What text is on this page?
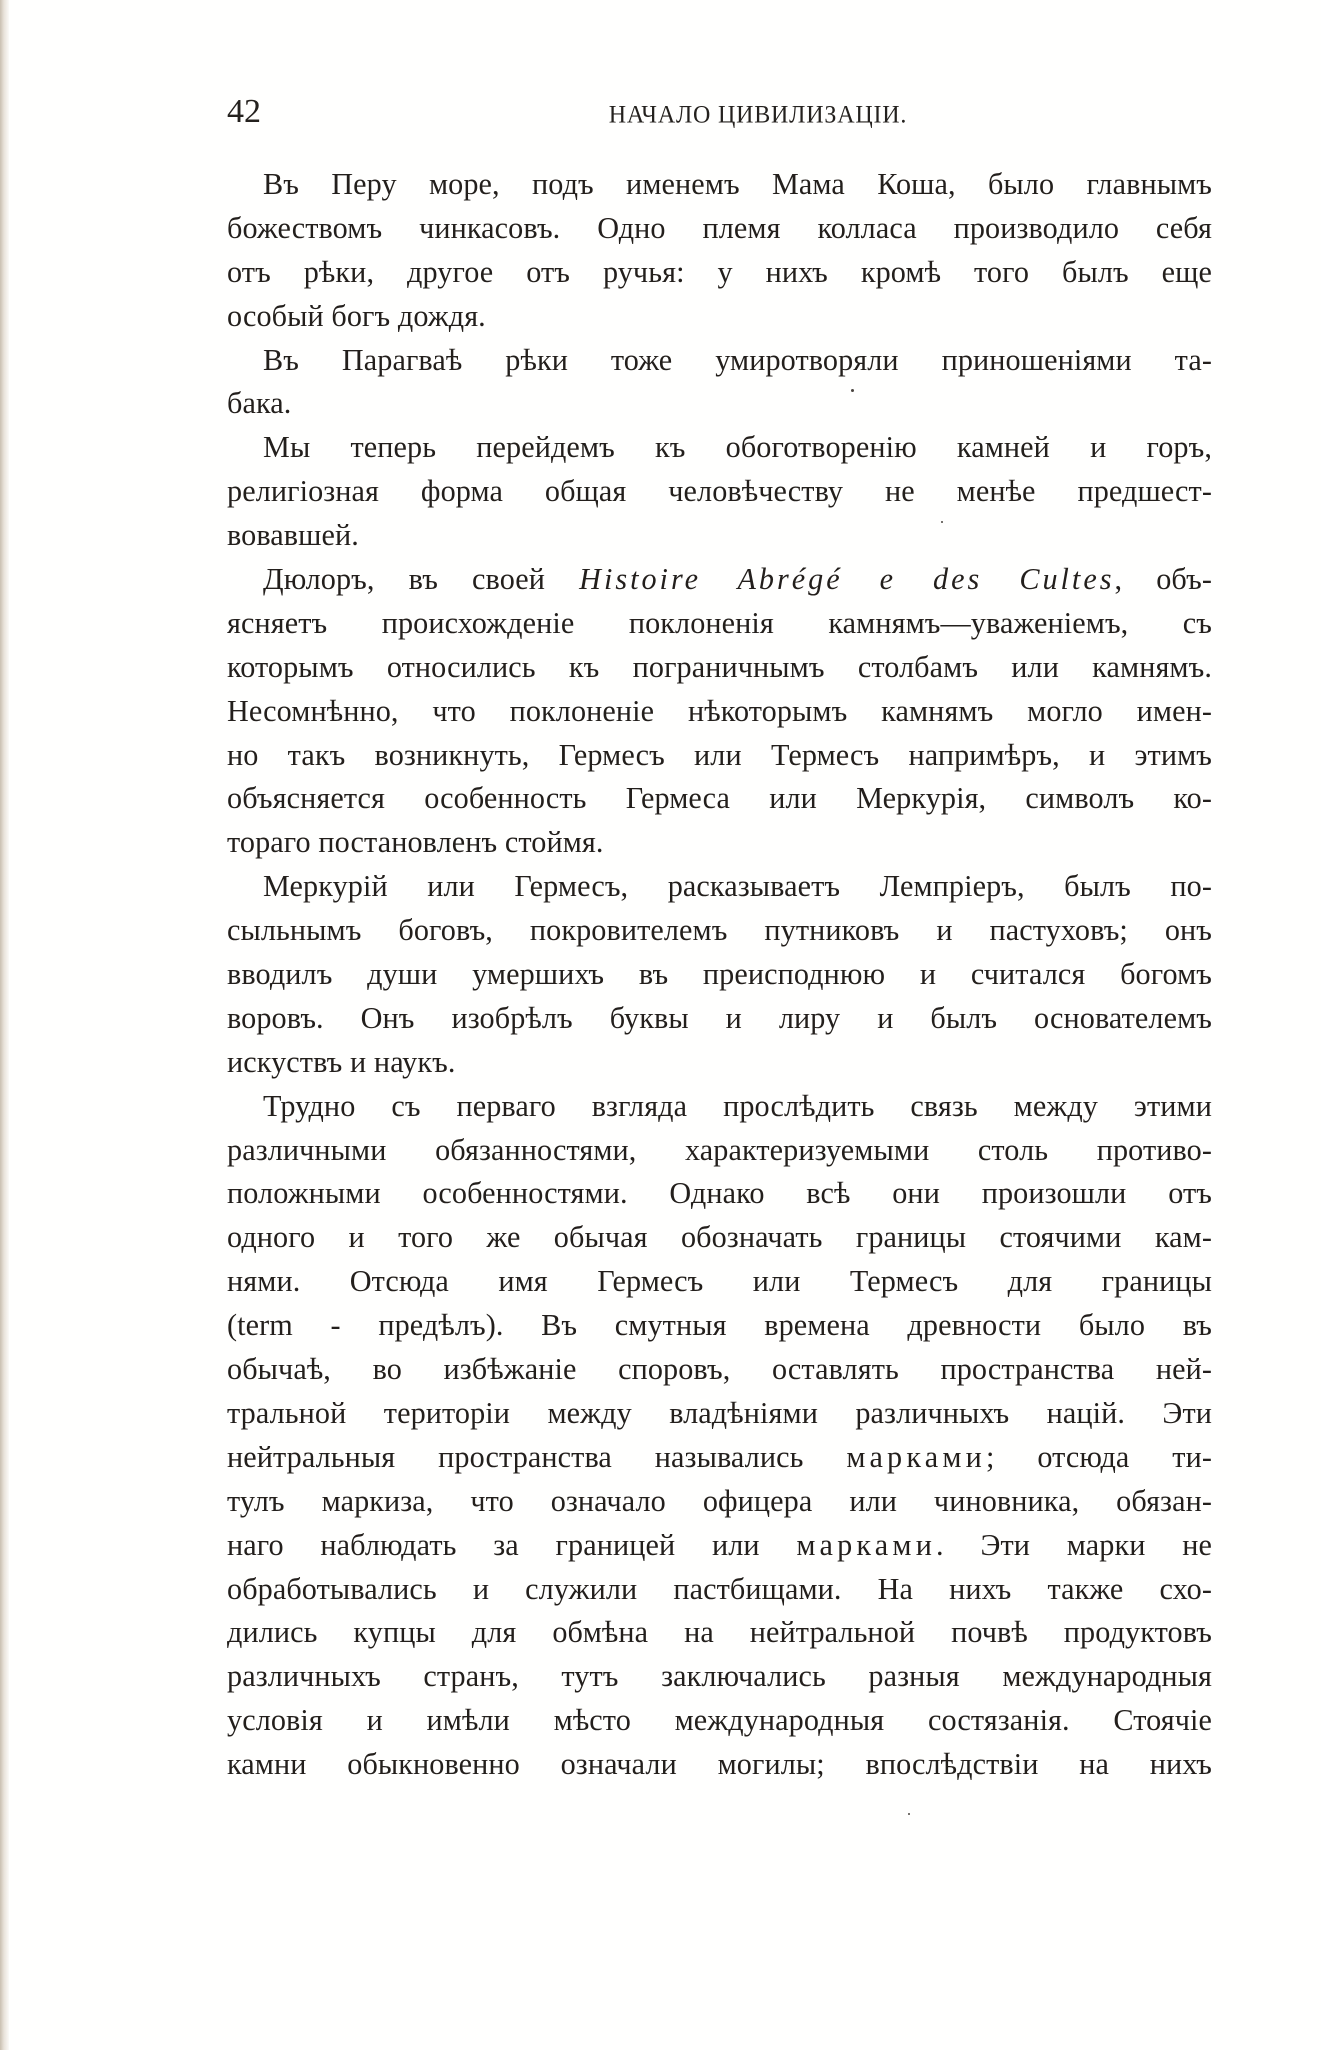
42	НАЧАЛО ЦИВИЛИЗАЦІИ.
Въ Перу море, подъ именемъ Мама Коша, было главнымъ
божествомъ чинкасовъ. Одно племя колласа производило себя
отъ рѣки, другое отъ ручья: у нихъ кромѣ того былъ еще
особый богъ дождя.
Въ Парагваѣ рѣки тоже умиротворяли приношеніями та-
бака.
Мы теперь перейдемъ къ обоготворенію камней и горъ,
религіозная форма общая человѣчеству не менѣе предшест-
вовавшей.
Дюлоръ, въ своей Histoire Abrégé e des Cultes, объ-
ясняетъ происхожденіе поклоненія камнямъ—уваженіемъ, съ
которымъ относились къ пограничнымъ столбамъ или камнямъ.
Несомнѣнно, что поклоненіе нѣкоторымъ камнямъ могло имен-
но такъ возникнуть, Гермесъ или Термесъ напримѣръ, и этимъ
объясняется особенность Гермеса или Меркурія, символъ ко-
тораго постановленъ стоймя.
Меркурій или Гермесъ, расказываетъ Лемпріеръ, былъ по-
сыльнымъ боговъ, покровителемъ путниковъ и пастуховъ; онъ
вводилъ души умершихъ въ преисподнюю и считался богомъ
воровъ. Онъ изобрѣлъ буквы и лиру и былъ основателемъ
искуствъ и наукъ.
Трудно съ перваго взгляда прослѣдить связь между этими
различными обязанностями, характеризуемыми столь противо-
положными особенностями. Однако всѣ они произошли отъ
одного и того же обычая обозначать границы стоячими кам-
нями. Отсюда имя Гермесъ или Термесъ для границы
(term - предѣлъ). Въ смутныя времена древности было въ
обычаѣ, во избѣжаніе споровъ, оставлять пространства ней-
тральной територіи между владѣніями различныхъ націй. Эти
нейтральныя пространства назывались марками; отсюда ти-
тулъ маркиза, что означало офицера или чиновника, обязан-
наго наблюдать за границей или марками. Эти марки не
обработывались и служили пастбищами. На нихъ также схо-
дились купцы для обмѣна на нейтральной почвѣ продуктовъ
различныхъ странъ, тутъ заключались разныя международныя
условія и имѣли мѣсто международныя состязанія. Стоячіе
камни обыкновенно означали могилы; впослѣдствіи на нихъ
